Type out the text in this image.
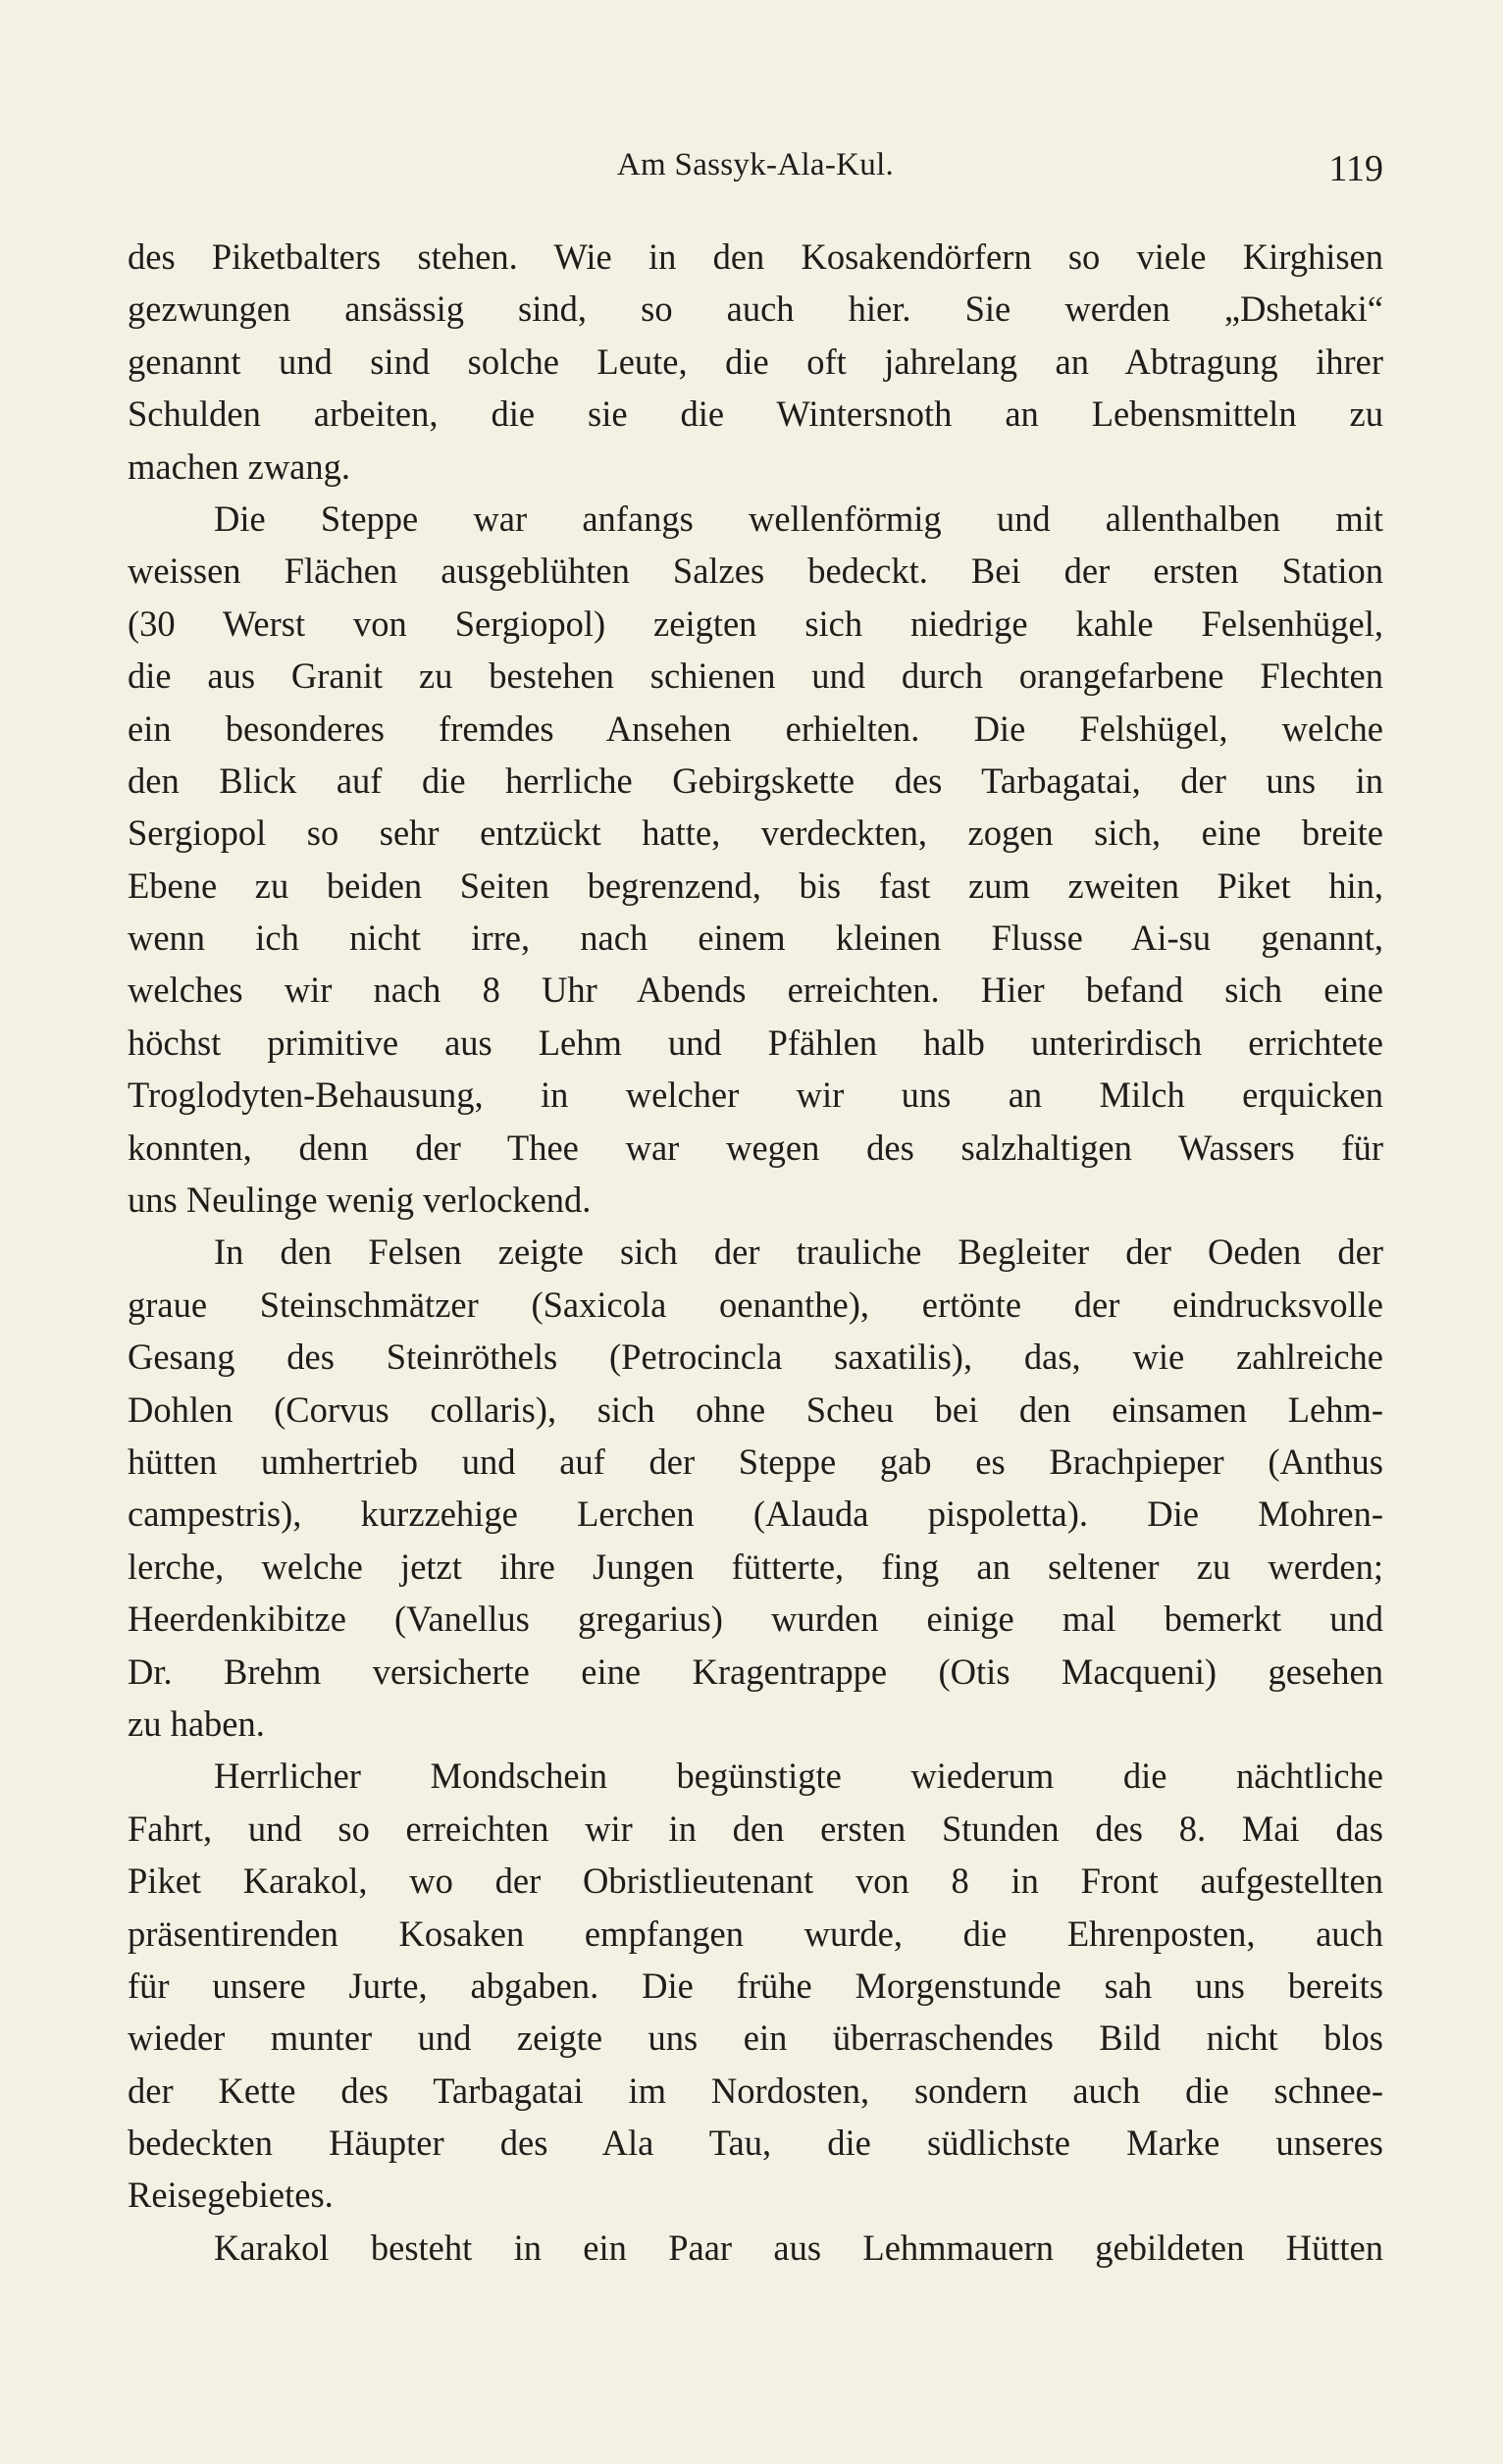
Am Sassyk-Ala-Kul.	119
des Piketbalters stehen. Wie in den Kosakendörfern so viele Kirghisen
gezwungen ansässig sind, so auch hier. Sie werden „Dshetaki“
genannt und sind solche Leute, die oft jahrelang an Abtragung ihrer
Schulden arbeiten, die sie die Wintersnoth an Lebensmitteln zu
machen zwang.
Die Steppe war anfangs wellenförmig und allenthalben mit
weissen Flächen ausgeblühten Salzes bedeckt. Bei der ersten Station
(30 Werst von Sergiopol) zeigten sich niedrige kahle Felsenhügel,
die aus Granit zu bestehen schienen und durch orangefarbene Flechten
ein besonderes fremdes Ansehen erhielten. Die Felshügel, welche
den Blick auf die herrliche Gebirgskette des Tarbagatai, der uns in
Sergiopol so sehr entzückt hatte, verdeckten, zogen sich, eine breite
Ebene zu beiden Seiten begrenzend, bis fast zum zweiten Piket hin,
wenn ich nicht irre, nach einem kleinen Flusse Ai-su genannt,
welches wir nach 8 Uhr Abends erreichten. Hier befand sich eine
höchst primitive aus Lehm und Pfählen halb unterirdisch errichtete
Troglodyten-Behausung, in welcher wir uns an Milch erquicken
konnten, denn der Thee war wegen des salzhaltigen Wassers für
uns Neulinge wenig verlockend.
In den Felsen zeigte sich der trauliche Begleiter der Oeden der
graue Steinschmätzer (Saxicola oenanthe), ertönte der eindrucksvolle
Gesang des Steinröthels (Petrocincla saxatilis), das, wie zahlreiche
Dohlen (Corvus collaris), sich ohne Scheu bei den einsamen Lehm-
hütten umhertrieb und auf der Steppe gab es Brachpieper (Anthus
campestris), kurzzehige Lerchen (Alauda pispoletta). Die Mohren-
lerche, welche jetzt ihre Jungen fütterte, fing an seltener zu werden;
Heerdenkibitze (Vanellus gregarius) wurden einige mal bemerkt und
Dr. Brehm versicherte eine Kragentrappe (Otis Macqueni) gesehen
zu haben.
Herrlicher Mondschein begünstigte wiederum die nächtliche
Fahrt, und so erreichten wir in den ersten Stunden des 8. Mai das
Piket Karakol, wo der Obristlieutenant von 8 in Front aufgestellten
präsentirenden Kosaken empfangen wurde, die Ehrenposten, auch
für unsere Jurte, abgaben. Die frühe Morgenstunde sah uns bereits
wieder munter und zeigte uns ein überraschendes Bild nicht blos
der Kette des Tarbagatai im Nordosten, sondern auch die schnee-
bedeckten Häupter des Ala Tau, die südlichste Marke unseres
Reisegebietes.
Karakol besteht in ein Paar aus Lehmmauern gebildeten Hütten
